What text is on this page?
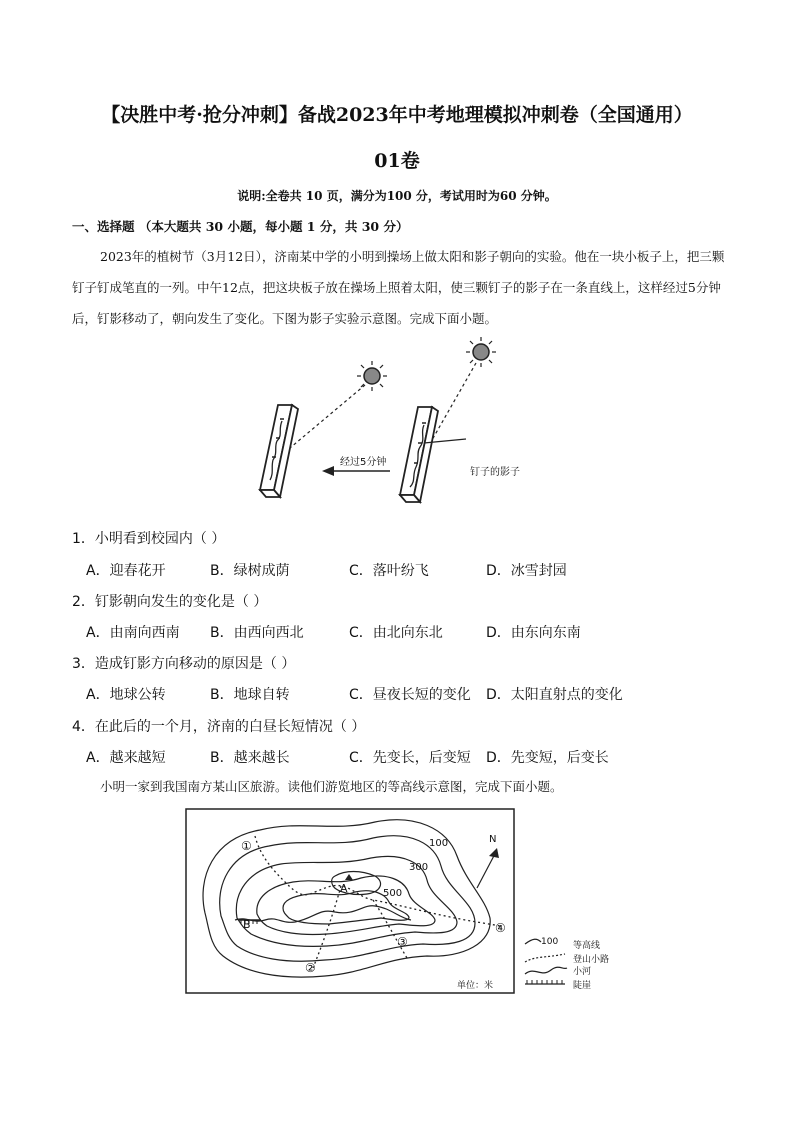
【决胜中考·抢分冲刺】备战2023年中考地理模拟冲刺卷（全国通用）
01卷
说明:全卷共 10 页，满分为100 分，考试用时为60 分钟。
一、选择题 （本大题共 30 小题，每小题 1 分，共 30 分）
2023年的植树节（3月12日），济南某中学的小明到操场上做太阳和影子朝向的实验。他在一块小板子上，把三颗钉子钉成笔直的一列。中午12点，把这块板子放在操场上照着太阳，使三颗钉子的影子在一条直线上，这样经过5分钟后，钉影移动了，朝向发生了变化。下图为影子实验示意图。完成下面小题。
经过5分钟
钉子的影子
1．小明看到校园内（ ）
A．迎春花开	B．绿树成荫	C．落叶纷飞	D．冰雪封园
2．钉影朝向发生的变化是（ ）
A．由南向西南 B．由西向西北	C．由北向东北	D．由东向东南
3．造成钉影方向移动的原因是（ ）
A．地球公转	B．地球自转	C．昼夜长短的变化 D．太阳直射点的变化
4．在此后的一个月，济南的白昼长短情况（ ）
A．越来越短	B．越来越长	C．先变长，后变短 D．先变短，后变长
小明一家到我国南方某山区旅游。读他们游览地区的等高线示意图，完成下面小题。
100
300
500
A
B
①
②
③
④
N
单位：米
100 等高线
登山小路
小河
陡崖
